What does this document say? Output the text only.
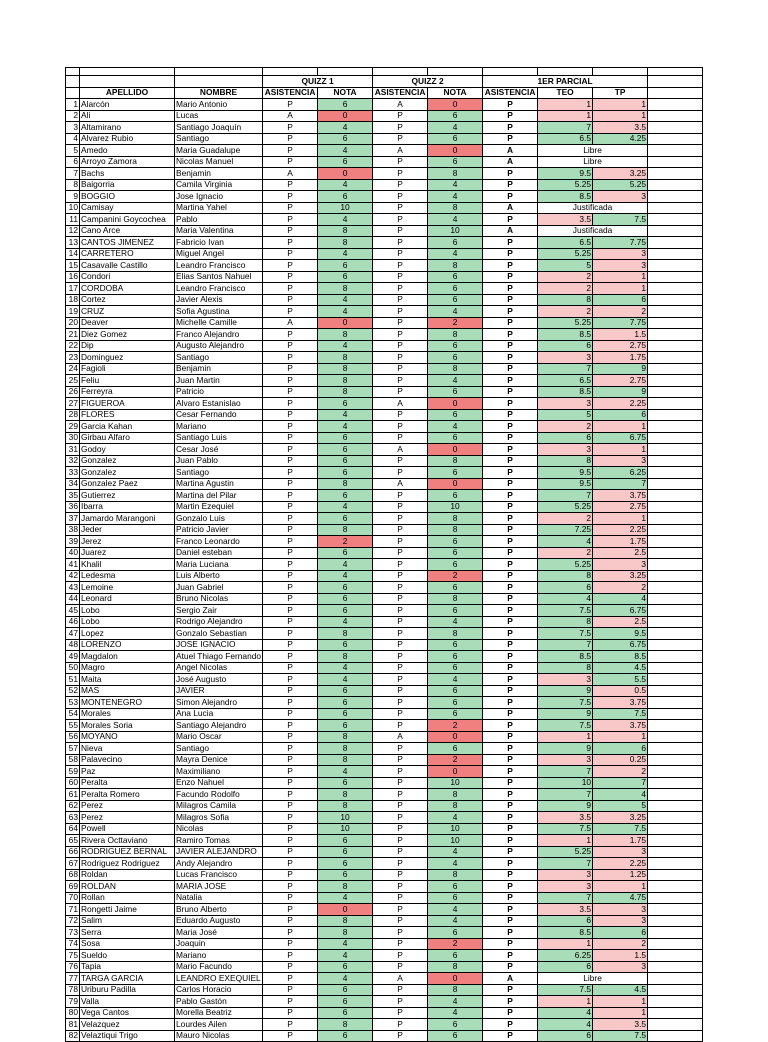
			QUIZZ 1		QUIZZ 2		1ER PARCIAL			
	APELLIDO	NOMBRE	ASISTENCIA	NOTA	ASISTENCIA	NOTA	ASISTENCIA	TEO	TP	
1	Alarcón	Mario Antonio	P	6	A	0	P	1	1	
2	Ali	Lucas	A	0	P	6	P	1	1	
3	Altamirano	Santiago Joaquín	P	4	P	4	P	7	3.5	
4	Alvarez Rubio	Santiago	P	6	P	6	P	6.5	4.25	
5	Amedo	Maria Guadalupe	P	4	A	0	A	Libre		
6	Arroyo Zamora	Nicolas Manuel	P	6	P	6	A	Libre		
7	Bachs	Benjamin	A	0	P	8	P	9.5	3.25	
8	Baigorria	Camila Virginia	P	4	P	4	P	5.25	5.25	
9	BOGGIO	Jose Ignacio	P	6	P	4	P	8.5	3	
10	Camisay	Martina Yahel	P	10	P	8	A	Justificada		
11	Campanini Goycochea	Pablo	P	4	P	4	P	3.5	7.5	
12	Cano Arce	Maria Valentina	P	8	P	10	A	Justificada		
13	CANTOS JIMENEZ	Fabricio Ivan	P	8	P	6	P	6.5	7.75	
14	CARRETERO	Miguel Angel	P	4	P	4	P	5.25	3	
15	Casavalle Castillo	Leandro Francisco	P	6	P	8	P	5	3	
16	Condori	Elias Santos Nahuel	P	6	P	6	P	2	1	
17	CORDOBA	Leandro Francisco	P	8	P	6	P	2	1	
18	Cortez	Javier Alexis	P	4	P	6	P	8	6	
19	CRUZ	Sofia Agustina	P	4	P	4	P	2	2	
20	Deaver	Michelle Camille	A	0	P	2	P	5.25	7.75	
21	Diez Gomez	Franco Alejandro	P	8	P	8	P	8.5	1.5	
22	Dip	Augusto Alejandro	P	4	P	6	P	6	2.75	
23	Dominguez	Santiago	P	8	P	6	P	3	1.75	
24	Fagioli	Benjamin	P	8	P	8	P	7	9	
25	Feliu	Juan Martin	P	8	P	4	P	6.5	2.75	
26	Ferreyra	Patricio	P	8	P	6	P	8.5	9	
27	FIGUEROA	Alvaro Estanislao	P	6	A	0	P	3	2.25	
28	FLORES	Cesar Fernando	P	4	P	6	P	5	6	
29	Garcia Kahan	Mariano	P	4	P	4	P	2	1	
30	Girbau Alfaro	Santiago Luis	P	6	P	6	P	6	6.75	
31	Godoy	Cesar José	P	6	A	0	P	3	1	
32	Gonzalez	Juan Pablo	P	6	P	8	P	8	3	
33	Gonzalez	Santiago	P	6	P	6	P	9.5	6.25	
34	Gonzalez Paez	Martina Agustin	P	8	A	0	P	9.5	7	
35	Gutierrez	Martina del Pilar	P	6	P	6	P	7	3.75	
36	Ibarra	Martin Ezequiel	P	4	P	10	P	5.25	2.75	
37	Jamardo Marangoni	Gonzalo Luis	P	6	P	8	P	2	1	
38	Jeder	Patricio Javier	P	8	P	8	P	7.25	2.25	
39	Jerez	Franco Leonardo	P	2	P	6	P	4	1.75	
40	Juarez	Daniel esteban	P	6	P	6	P	2	2.5	
41	Khalil	Maria Luciana	P	4	P	6	P	5.25	3	
42	Ledesma	Luis Alberto	P	4	P	2	P	8	3.25	
43	Lemoine	Juan Gabriel	P	6	P	6	P	6	2	
44	Leonard	Bruno Nicolas	P	6	P	8	P	4	4	
45	Lobo	Sergio Zair	P	6	P	6	P	7.5	6.75	
46	Lobo	Rodrigo Alejandro	P	4	P	4	P	8	2.5	
47	Lopez	Gonzalo Sebastian	P	8	P	8	P	7.5	9.5	
48	LORENZO	JOSE IGNACIO	P	6	P	6	P	7	6.75	
49	Magdalon	Atuel Thiago Fernando	P	8	P	6	P	8.5	8.5	
50	Magro	Angel Nicolas	P	4	P	6	P	8	4.5	
51	Maita	José Augusto	P	4	P	4	P	3	5.5	
52	MAS	JAVIER	P	6	P	6	P	9	0.5	
53	MONTENEGRO	Simon Alejandro	P	6	P	6	P	7.5	3.75	
54	Morales	Ana Lucia	P	6	P	6	P	9	7.5	
55	Morales Soria	Santiago Alejandro	P	6	P	2	P	7.5	3.75	
56	MOYANO	Mario Oscar	P	8	A	0	P	1	1	
57	Nieva	Santiago	P	8	P	6	P	9	6	
58	Palavecino	Mayra Denice	P	8	P	2	P	3	0.25	
59	Paz	Maximiliano	P	4	P	0	P	7	2	
60	Peralta	Enzo Nahuel	P	6	P	10	P	10	7	
61	Peralta Romero	Facundo Rodolfo	P	8	P	8	P	7	4	
62	Perez	Milagros Camila	P	8	P	8	P	9	5	
63	Perez	Milagros Sofia	P	10	P	4	P	3.5	3.25	
64	Powell	Nicolas	P	10	P	10	P	7.5	7.5	
65	Rivera Octtaviano	Ramiro Tomas	P	6	P	10	P	1	1.75	
66	RODRIGUEZ BERNAL	JAVIER ALEJANDRO	P	6	P	4	P	5.25	3	
67	Rodriguez Rodriguez	Andy Alejandro	P	6	P	4	P	7	2.25	
68	Roldan	Lucas Francisco	P	6	P	8	P	3	1.25	
69	ROLDAN	MARIA JOSE	P	8	P	6	P	3	1	
70	Rollan	Natalia	P	4	P	6	P	7	4.75	
71	Rongetti Jaime	Bruno Alberto	P	0	P	4	P	3.5	3	
72	Salim	Eduardo Augusto	P	8	P	4	P	6	3	
73	Serra	Maria José	P	8	P	6	P	8.5	6	
74	Sosa	Joaquin	P	4	P	2	P	1	2	
75	Sueldo	Mariano	P	4	P	6	P	6.25	1.5	
76	Tapia	Mario Facundo	P	6	P	8	P	6	3	
77	TARGA GARCIA	LEANDRO EXEQUIEL	P	4	A	0	A	Libre		
78	Uriburu Padilla	Carlos Horacio	P	6	P	8	P	7.5	4.5	
79	Valla	Pablo Gastón	P	6	P	4	P	1	1	
80	Vega Cantos	Morella Beatriz	P	6	P	4	P	4	1	
81	Velazquez	Lourdes Ailen	P	8	P	6	P	4	3.5	
82	Velaztiqui Trigo	Mauro Nicolas	P	6	P	6	P	6	7.5	
